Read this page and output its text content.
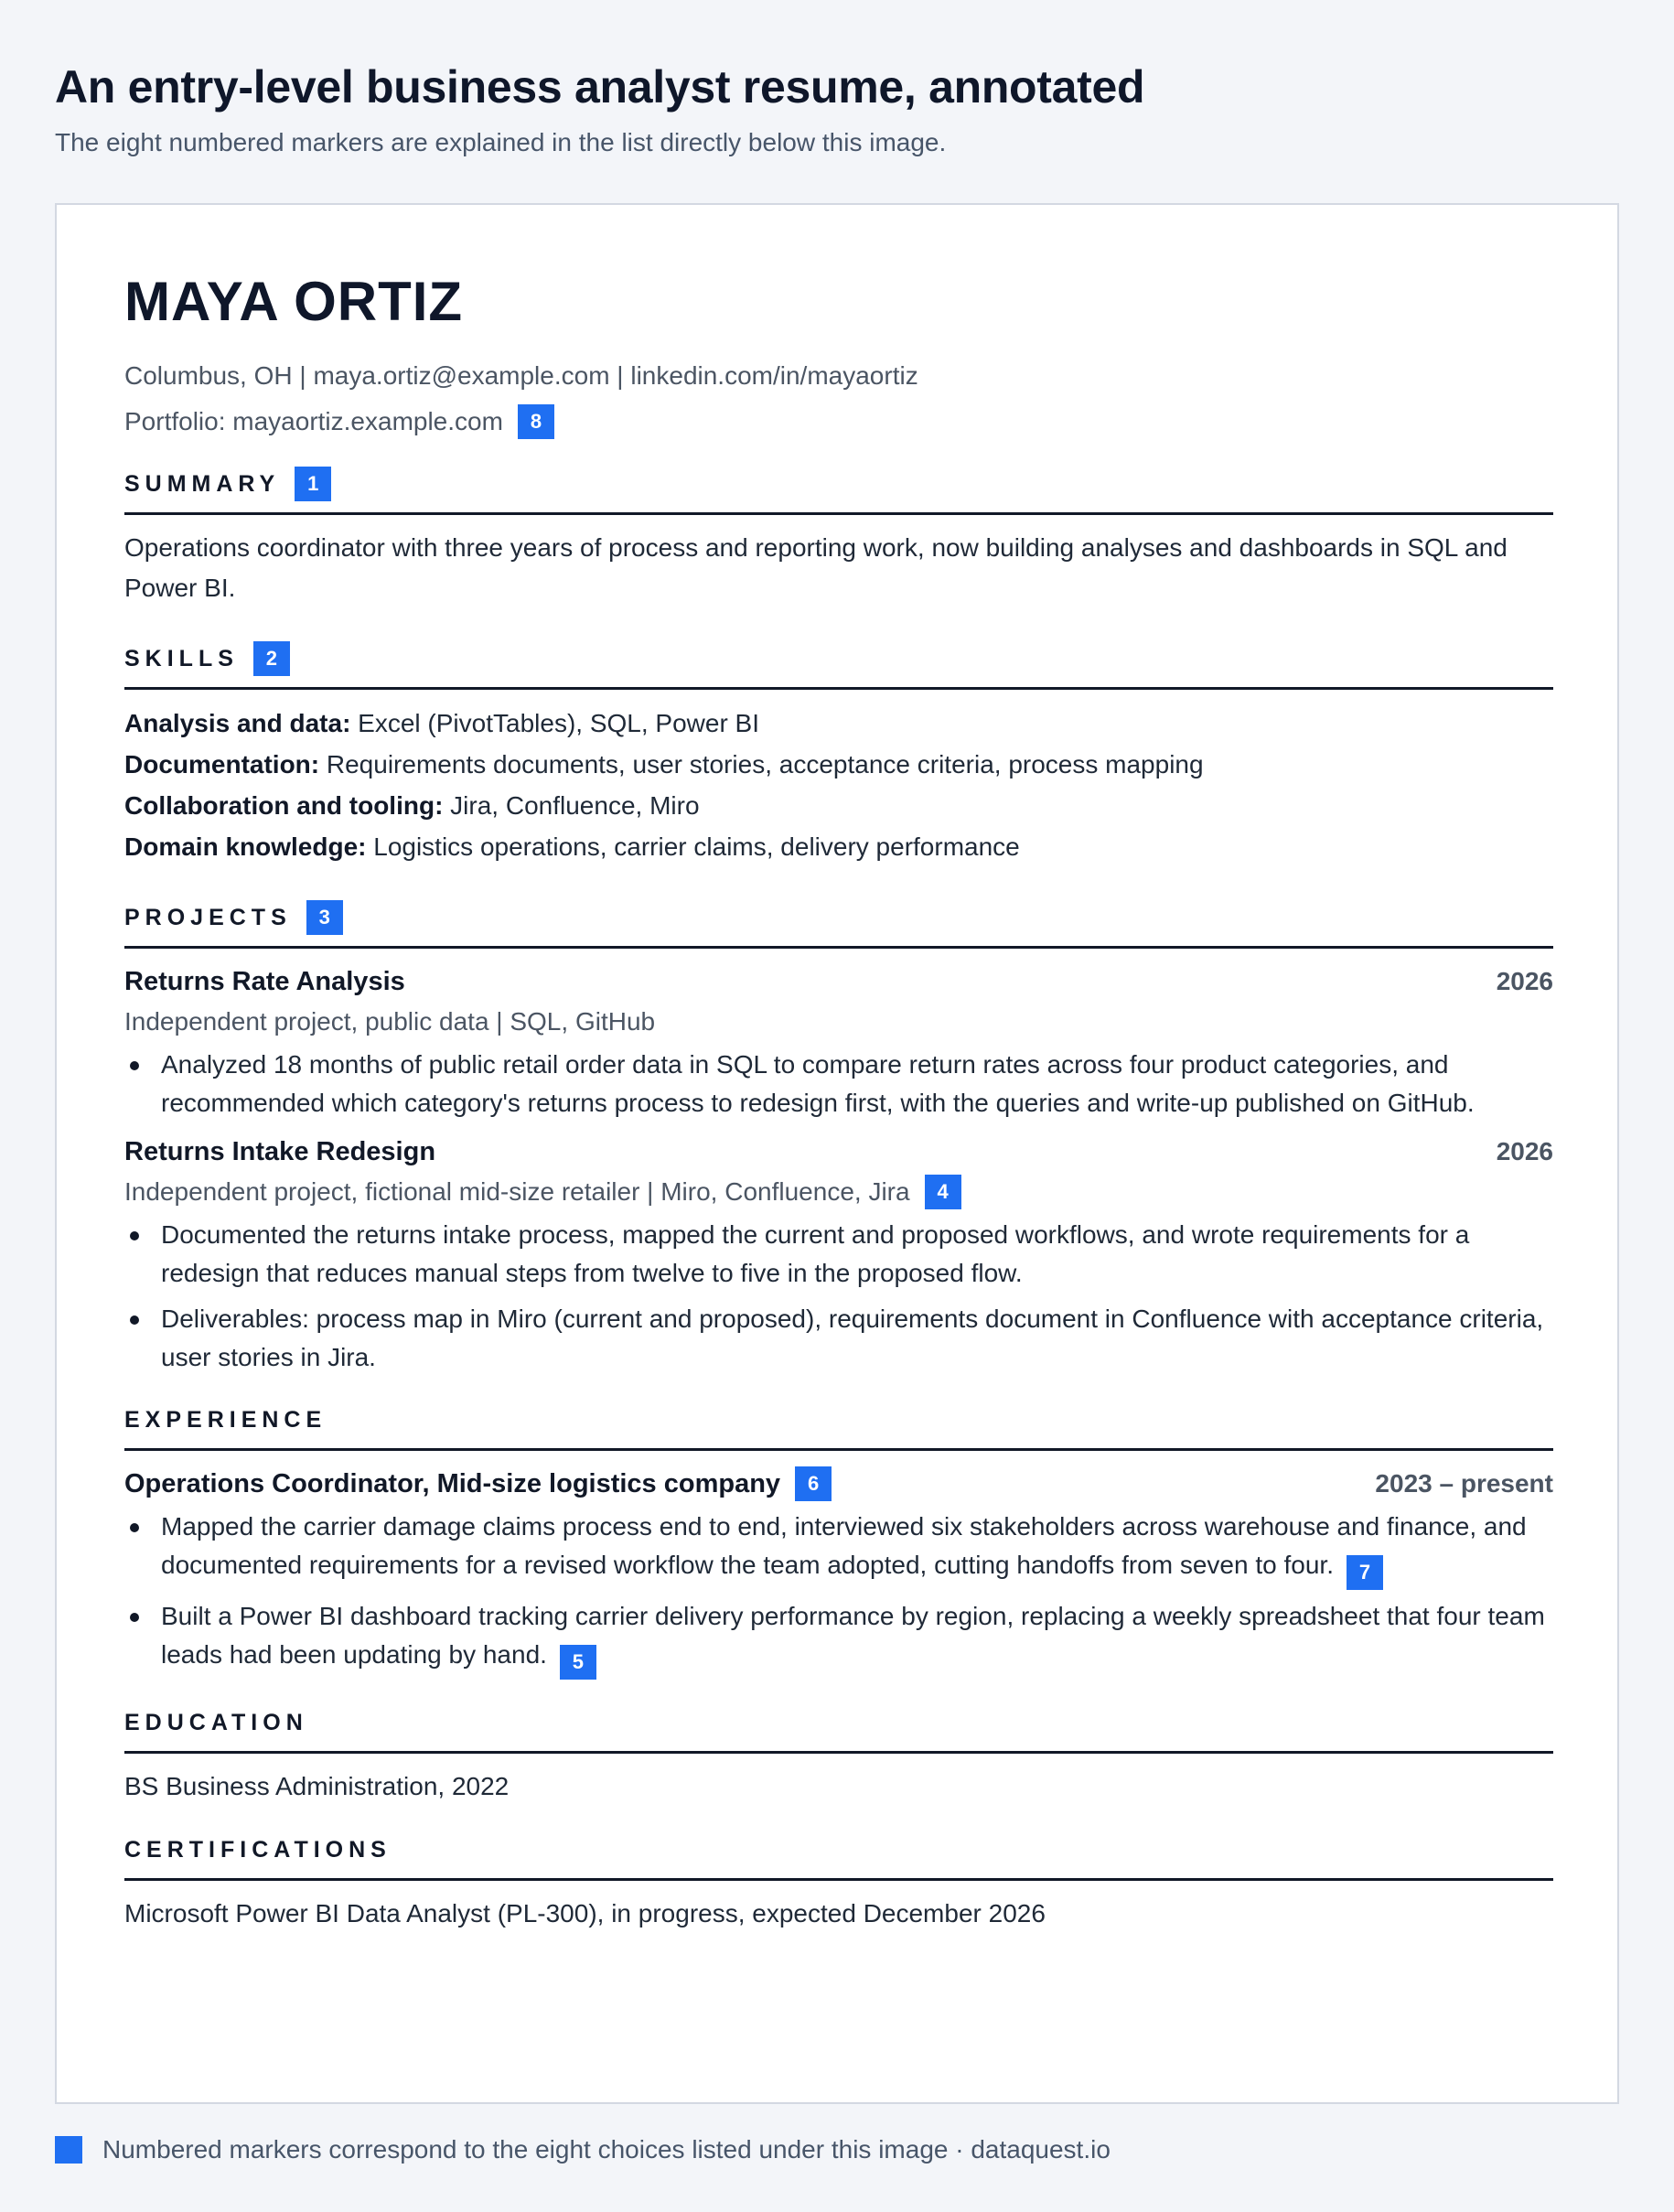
An entry-level business analyst resume, annotated

The eight numbered markers are explained in the list directly below this image.

MAYA ORTIZ
Columbus, OH | maya.ortiz@example.com | linkedin.com/in/mayaortiz
Portfolio: mayaortiz.example.com	8
SUMMARY	1

Operations coordinator with three years of process and reporting work, now building analyses and dashboards in SQL and Power BI.

SKILLS	2
Analysis and data: Excel (PivotTables), SQL, Power BI
Documentation: Requirements documents, user stories, acceptance criteria, process mapping
Collaboration and tooling: Jira, Confluence, Miro
Domain knowledge: Logistics operations, carrier claims, delivery performance
PROJECTS	3
Returns Rate Analysis	2026
Independent project, public data | SQL, GitHub
Analyzed 18 months of public retail order data in SQL to compare return rates across four product categories, and recommended which category's returns process to redesign first, with the queries and write-up published on GitHub.
Returns Intake Redesign	2026
Independent project, fictional mid-size retailer | Miro, Confluence, Jira	4
Documented the returns intake process, mapped the current and proposed workflows, and wrote requirements for a redesign that reduces manual steps from twelve to five in the proposed flow.
Deliverables: process map in Miro (current and proposed), requirements document in Confluence with acceptance criteria, user stories in Jira.
EXPERIENCE
Operations Coordinator, Mid-size logistics company	6	2023 – present
Mapped the carrier damage claims process end to end, interviewed six stakeholders across warehouse and finance, and documented requirements for a revised workflow the team adopted, cutting handoffs from seven to four. 7
Built a Power BI dashboard tracking carrier delivery performance by region, replacing a weekly spreadsheet that four team leads had been updating by hand. 5
EDUCATION

BS Business Administration, 2022

CERTIFICATIONS

Microsoft Power BI Data Analyst (PL-300), in progress, expected December 2026

Numbered markers correspond to the eight choices listed under this image · dataquest.io
